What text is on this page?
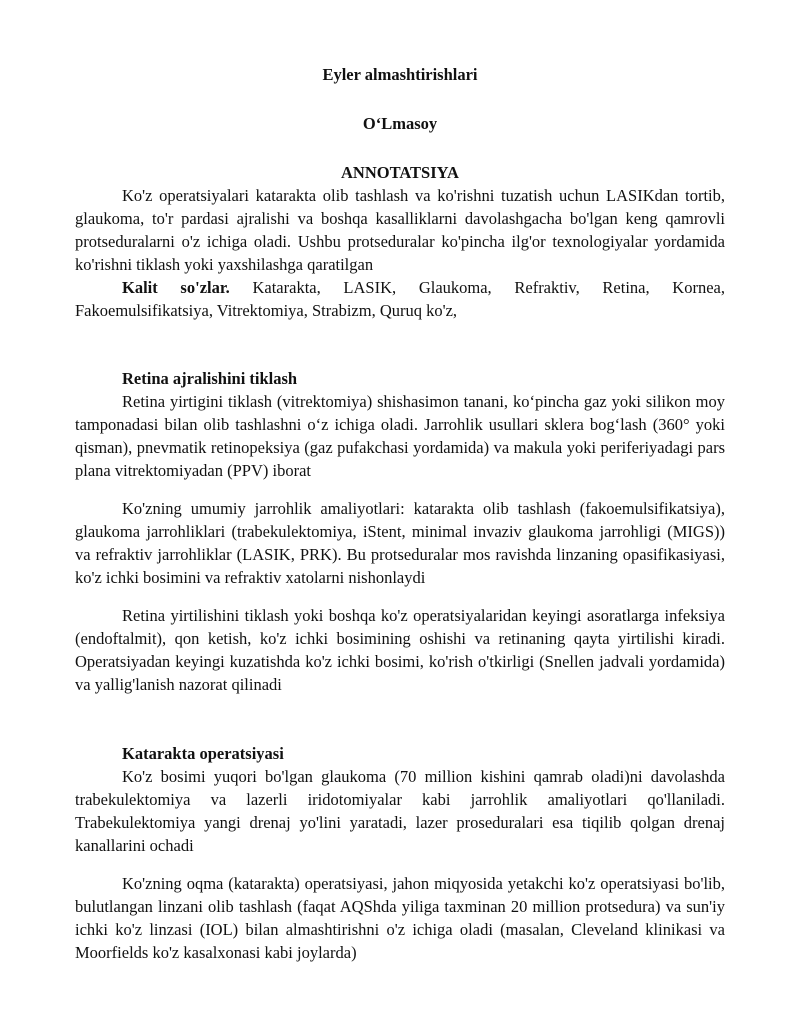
Eyler almashtirishlari
O‘Lmasoy
ANNOTATSIYA

Ko'z operatsiyalari katarakta olib tashlash va ko'rishni tuzatish uchun LASIKdan tortib, glaukoma, to'r pardasi ajralishi va boshqa kasalliklarni davolashgacha bo'lgan keng qamrovli protseduralarni o'z ichiga oladi. Ushbu protseduralar ko'pincha ilg'or texnologiyalar yordamida ko'rishni tiklash yoki yaxshilashga qaratilgan

Kalit so'zlar. Katarakta, LASIK, Glaukoma, Refraktiv, Retina, Kornea, Fakoemulsifikatsiya, Vitrektomiya, Strabizm, Quruq ko'z,

Retina ajralishini tiklash

Retina yirtigini tiklash (vitrektomiya) shishasimon tanani, ko‘pincha gaz yoki silikon moy tamponadasi bilan olib tashlashni o‘z ichiga oladi. Jarrohlik usullari sklera bog‘lash (360° yoki qisman), pnevmatik retinopeksiya (gaz pufakchasi yordamida) va makula yoki periferiyadagi pars plana vitrektomiyadan (PPV) iborat

Ko'zning umumiy jarrohlik amaliyotlari: katarakta olib tashlash (fakoemulsifikatsiya), glaukoma jarrohliklari (trabekulektomiya, iStent, minimal invaziv glaukoma jarrohligi (MIGS)) va refraktiv jarrohliklar (LASIK, PRK). Bu protseduralar mos ravishda linzaning opasifikasiyasi, ko'z ichki bosimini va refraktiv xatolarni nishonlaydi

Retina yirtilishini tiklash yoki boshqa ko'z operatsiyalaridan keyingi asoratlarga infeksiya (endoftalmit), qon ketish, ko'z ichki bosimining oshishi va retinaning qayta yirtilishi kiradi. Operatsiyadan keyingi kuzatishda ko'z ichki bosimi, ko'rish o'tkirligi (Snellen jadvali yordamida) va yallig'lanish nazorat qilinadi

Katarakta operatsiyasi

Ko'z bosimi yuqori bo'lgan glaukoma (70 million kishini qamrab oladi)ni davolashda trabekulektomiya va lazerli iridotomiyalar kabi jarrohlik amaliyotlari qo'llaniladi. Trabekulektomiya yangi drenaj yo'lini yaratadi, lazer proseduralari esa tiqilib qolgan drenaj kanallarini ochadi

Ko'zning oqma (katarakta) operatsiyasi, jahon miqyosida yetakchi ko'z operatsiyasi bo'lib, bulutlangan linzani olib tashlash (faqat AQShda yiliga taxminan 20 million protsedura) va sun'iy ichki ko'z linzasi (IOL) bilan almashtirishni o'z ichiga oladi (masalan, Cleveland klinikasi va Moorfields ko'z kasalxonasi kabi joylarda)
